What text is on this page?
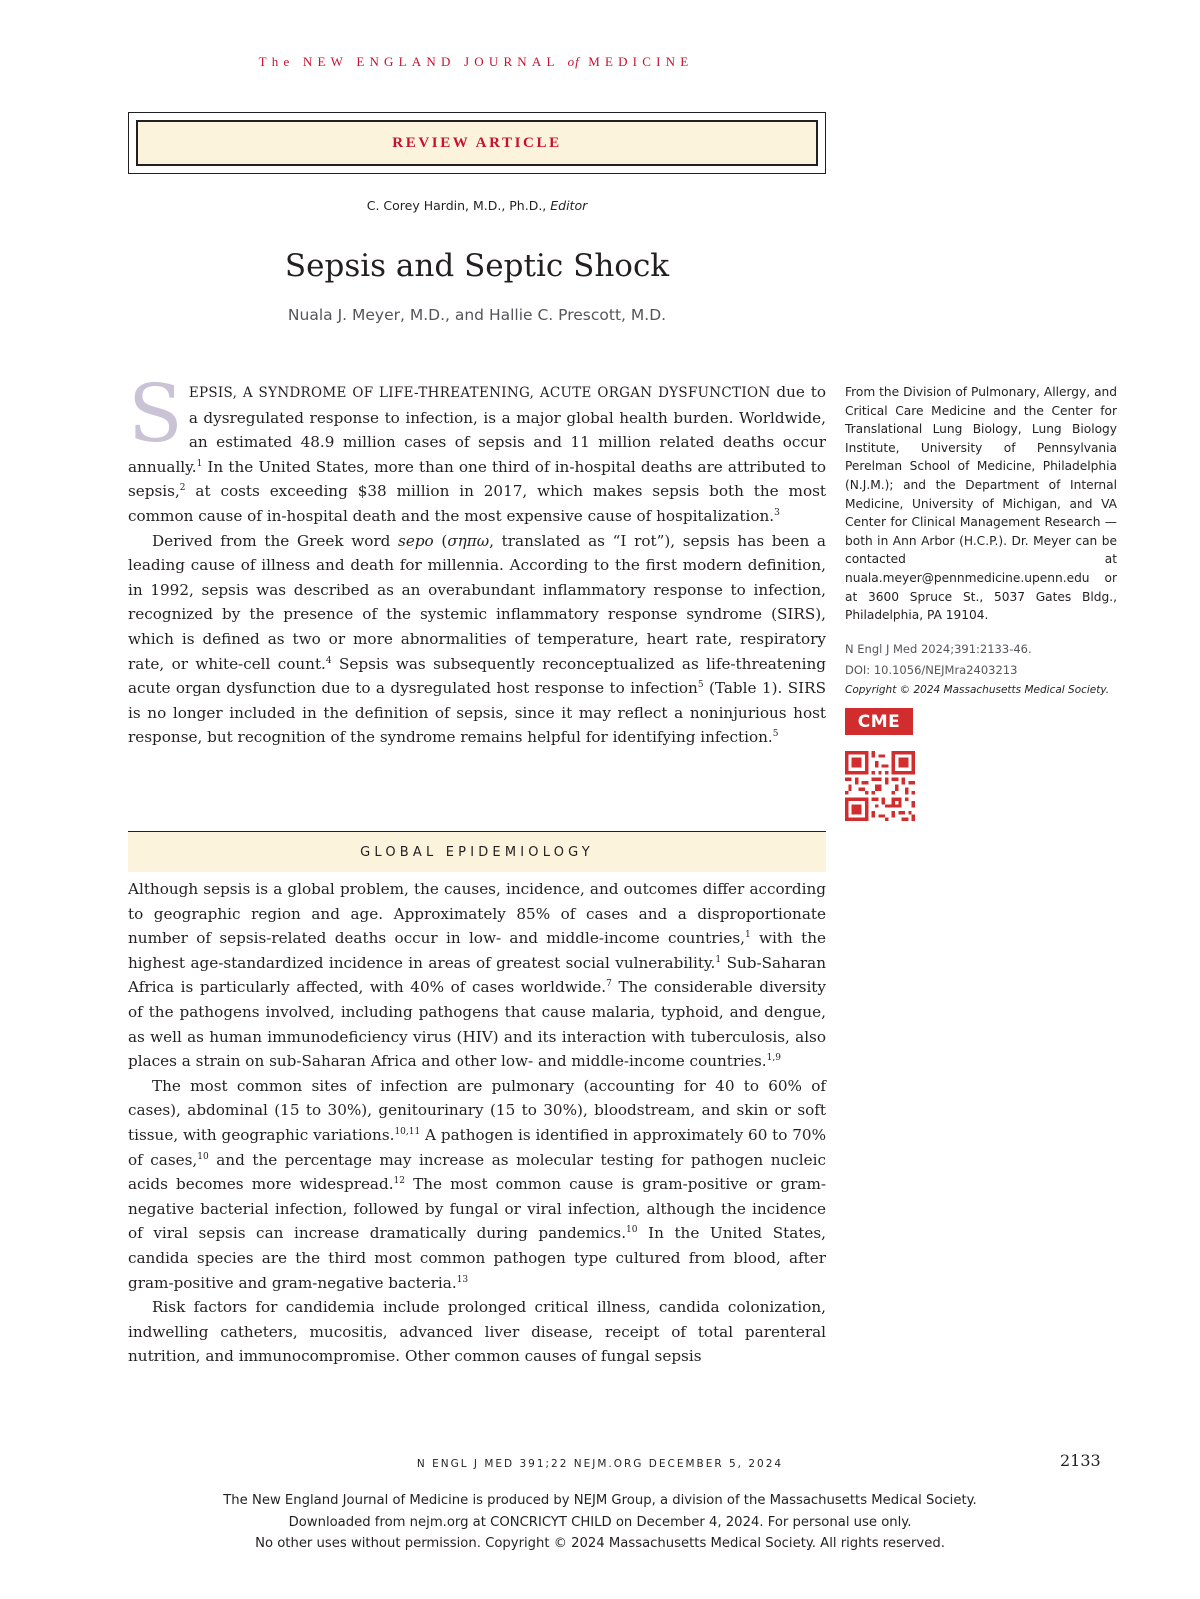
The NEW ENGLAND JOURNAL of MEDICINE
REVIEW ARTICLE
C. Corey Hardin, M.D., Ph.D., Editor
Sepsis and Septic Shock
Nuala J. Meyer, M.D., and Hallie C. Prescott, M.D.

SEPSIS, A SYNDROME OF LIFE-THREATENING, ACUTE ORGAN DYSFUNCTION due to a dysregulated response to infection, is a major global health burden. Worldwide, an estimated 48.9 million cases of sepsis and 11 million related deaths occur annually.$^1$ In the United States, more than one third of in-hospital deaths are attributed to sepsis,$^2$ at costs exceeding $38 million in 2017, which makes sepsis both the most common cause of in-hospital death and the most expensive cause of hospitalization.$^3$

Derived from the Greek word sepo (σηπω, translated as “I rot”), sepsis has been a leading cause of illness and death for millennia. According to the first modern definition, in 1992, sepsis was described as an overabundant inflammatory response to infection, recognized by the presence of the systemic inflammatory response syndrome (SIRS), which is defined as two or more abnormalities of temperature, heart rate, respiratory rate, or white-cell count.$^4$ Sepsis was subsequently reconceptualized as life-threatening acute organ dysfunction due to a dysregulated host response to infection$^5$ (Table 1). SIRS is no longer included in the definition of sepsis, since it may reflect a noninjurious host response, but recognition of the syndrome remains helpful for identifying infection.$^5$

GLOBAL EPIDEMIOLOGY

Although sepsis is a global problem, the causes, incidence, and outcomes differ according to geographic region and age. Approximately 85% of cases and a disproportionate number of sepsis-related deaths occur in low- and middle-income countries,$^1$ with the highest age-standardized incidence in areas of greatest social vulnerability.$^1$ Sub-Saharan Africa is particularly affected, with 40% of cases worldwide.$^7$ The considerable diversity of the pathogens involved, including pathogens that cause malaria, typhoid, and dengue, as well as human immunodeficiency virus (HIV) and its interaction with tuberculosis, also places a strain on sub-Saharan Africa and other low- and middle-income countries.$^{1,9}$

The most common sites of infection are pulmonary (accounting for 40 to 60% of cases), abdominal (15 to 30%), genitourinary (15 to 30%), bloodstream, and skin or soft tissue, with geographic variations.$^{10,11}$ A pathogen is identified in approximately 60 to 70% of cases,$^{10}$ and the percentage may increase as molecular testing for pathogen nucleic acids becomes more widespread.$^{12}$ The most common cause is gram-positive or gram-negative bacterial infection, followed by fungal or viral infection, although the incidence of viral sepsis can increase dramatically during pandemics.$^{10}$ In the United States, candida species are the third most common pathogen type cultured from blood, after gram-positive and gram-negative bacteria.$^{13}$

Risk factors for candidemia include prolonged critical illness, candida colonization, indwelling catheters, mucositis, advanced liver disease, receipt of total parenteral nutrition, and immunocompromise. Other common causes of fungal sepsis

From the Division of Pulmonary, Allergy, and Critical Care Medicine and the Center for Translational Lung Biology, Lung Biology Institute, University of Pennsylvania Perelman School of Medicine, Philadelphia (N.J.M.); and the Department of Internal Medicine, University of Michigan, and VA Center for Clinical Management Research — both in Ann Arbor (H.C.P.). Dr. Meyer can be contacted at nuala.meyer@pennmedicine.upenn.edu or at 3600 Spruce St., 5037 Gates Bldg., Philadelphia, PA 19104.

N Engl J Med 2024;391:2133-46.
DOI: 10.1056/NEJMra2403213
Copyright © 2024 Massachusetts Medical Society.
CME
N ENGL J MED 391;22 NEJM.ORG DECEMBER 5, 2024	2133
The New England Journal of Medicine is produced by NEJM Group, a division of the Massachusetts Medical Society.
Downloaded from nejm.org at CONCRICYT CHILD on December 4, 2024. For personal use only.
No other uses without permission. Copyright © 2024 Massachusetts Medical Society. All rights reserved.
